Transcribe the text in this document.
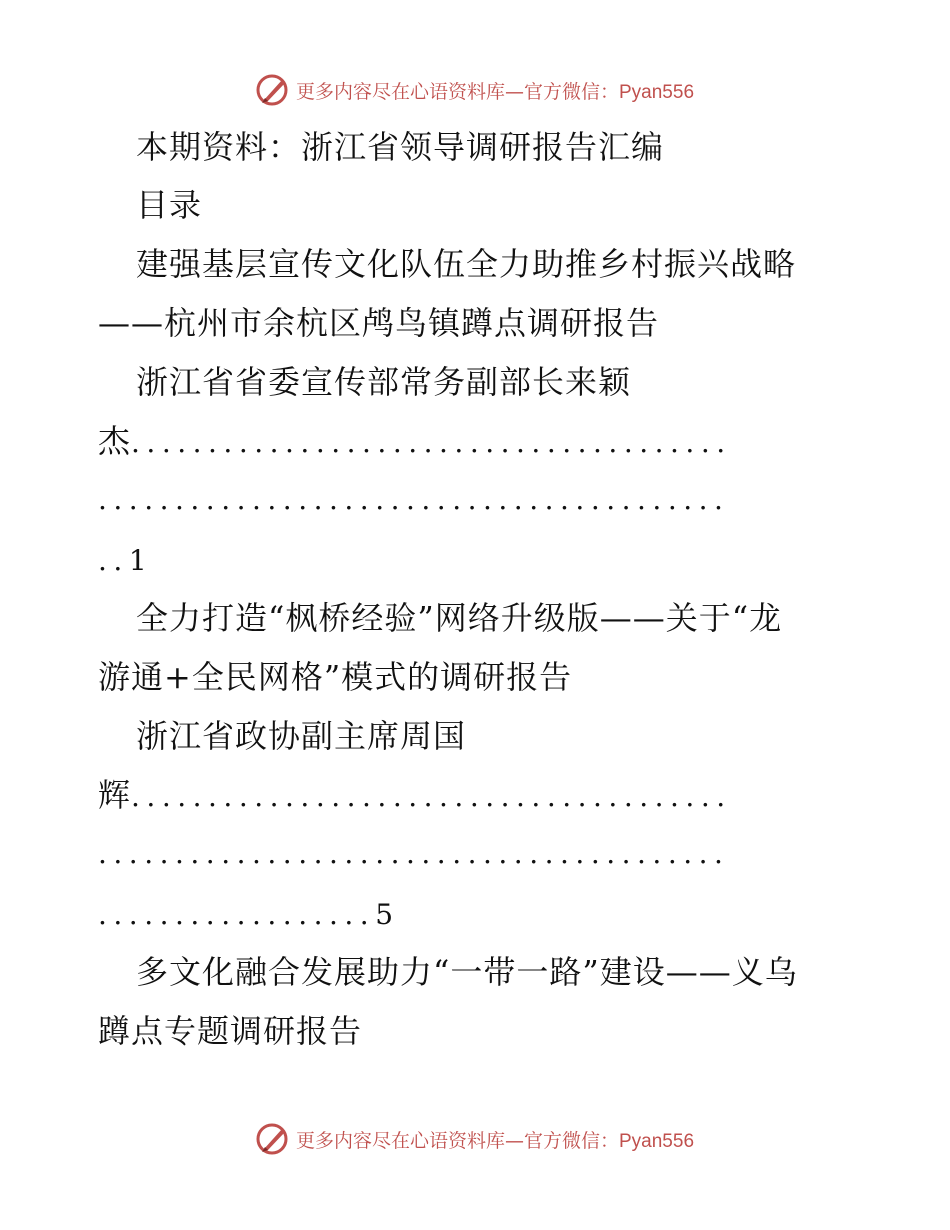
更多内容尽在心语资料库—官方微信：Pyan556
本期资料：浙江省领导调研报告汇编
目录
建强基层宣传文化队伍全力助推乡村振兴战略
——杭州市余杭区鸬鸟镇蹲点调研报告
浙江省省委宣传部常务副部长来颖
杰.......................................
.........................................
..1
全力打造“枫桥经验”网络升级版——关于“龙
游通+全民网格”模式的调研报告
浙江省政协副主席周国
辉.......................................
.........................................
..................5
多文化融合发展助力“一带一路”建设——义乌
蹲点专题调研报告
更多内容尽在心语资料库—官方微信：Pyan556
